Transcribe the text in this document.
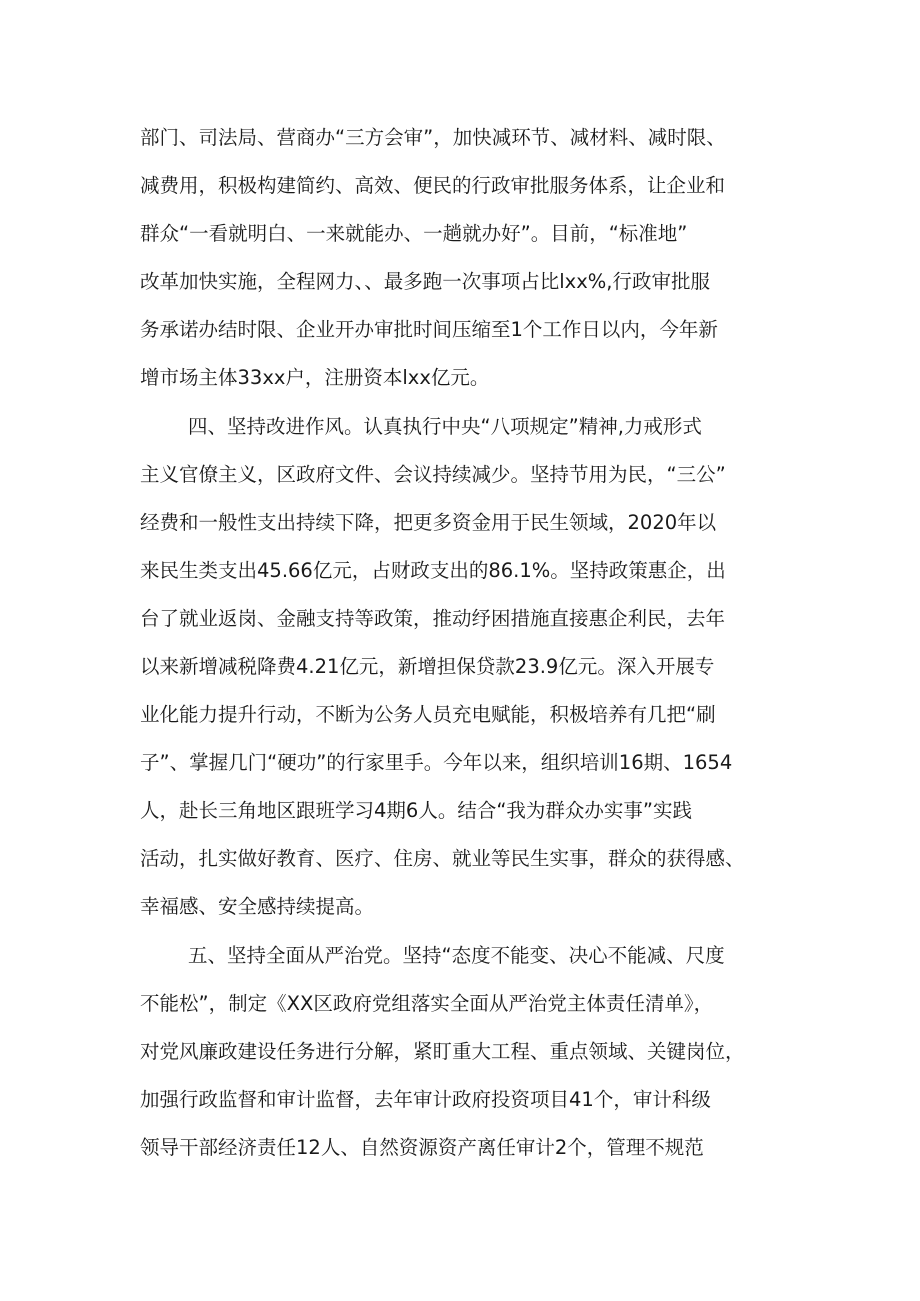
部门、司法局、营商办“三方会审”，加快减环节、减材料、减时限、
减费用，积极构建简约、高效、便民的行政审批服务体系，让企业和
群众“一看就明白、一来就能办、一趟就办好”。目前，“标准地”
改革加快实施，全程网力、、最多跑一次事项占比lxx%,行政审批服
务承诺办结时限、企业开办审批时间压缩至1个工作日以内，今年新
增市场主体33xx户，注册资本lxx亿元。
四、坚持改进作风。认真执行中央“八项规定”精神,力戒形式
主义官僚主义，区政府文件、会议持续减少。坚持节用为民，“三公”
经费和一般性支出持续下降，把更多资金用于民生领域，2020年以
来民生类支出45.66亿元，占财政支出的86.1%。坚持政策惠企，出
台了就业返岗、金融支持等政策，推动纾困措施直接惠企利民，去年
以来新增减税降费4.21亿元，新增担保贷款23.9亿元。深入开展专
业化能力提升行动，不断为公务人员充电赋能，积极培养有几把“刷
子”、掌握几门“硬功”的行家里手。今年以来，组织培训16期、1654
人，赴长三角地区跟班学习4期6人。结合“我为群众办实事”实践
活动，扎实做好教育、医疗、住房、就业等民生实事，群众的获得感、
幸福感、安全感持续提高。
五、坚持全面从严治党。坚持“态度不能变、决心不能减、尺度
不能松”，制定《XX区政府党组落实全面从严治党主体责任清单》，
对党风廉政建设任务进行分解，紧盯重大工程、重点领域、关键岗位，
加强行政监督和审计监督，去年审计政府投资项目41个，审计科级
领导干部经济责任12人、自然资源资产离任审计2个，管理不规范
